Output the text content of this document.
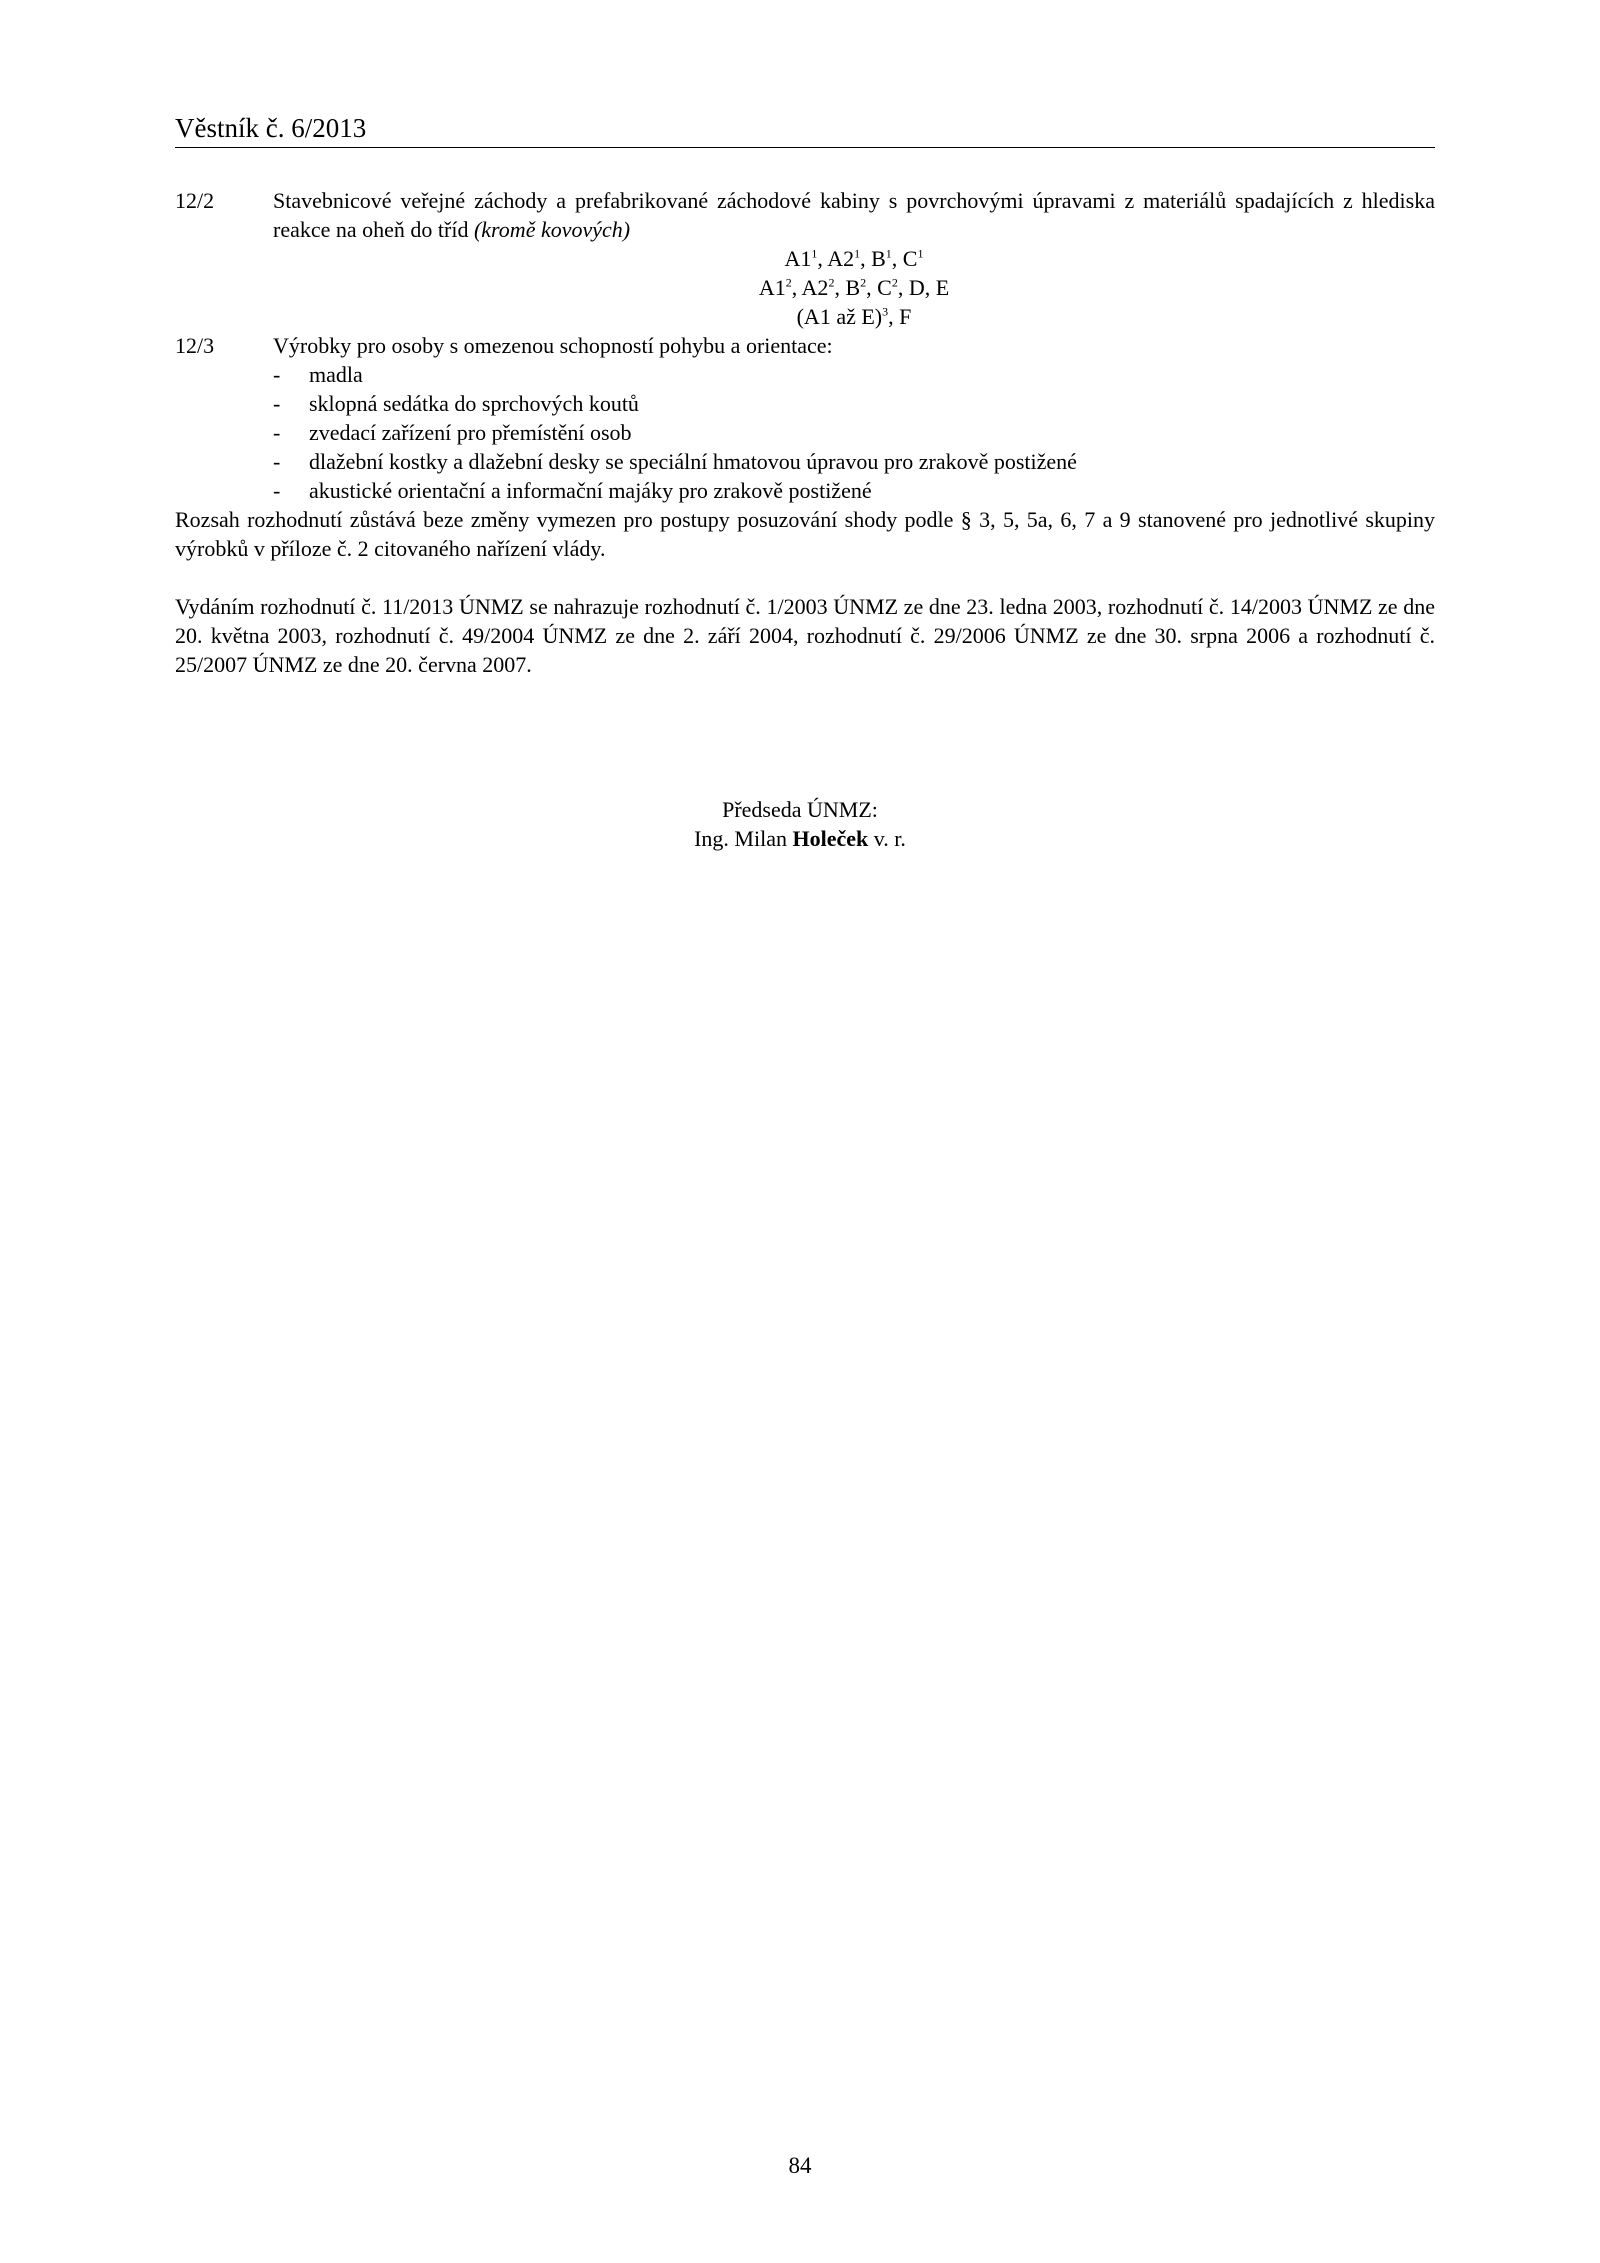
Věstník č. 6/2013
12/2	Stavebnicové veřejné záchody a prefabrikované záchodové kabiny s povrchovými úpravami z materiálů spadajících z hlediska reakce na oheň do tříd (kromě kovových)
$A1^1$, $A2^1$, $B^1$, $C^1$
$A1^2$, $A2^2$, $B^2$, $C^2$, D, E
(A1 až E)$^3$, F
12/3	Výrobky pro osoby s omezenou schopností pohybu a orientace:
- madla
- sklopná sedátka do sprchových koutů
- zvedací zařízení pro přemístění osob
- dlažební kostky a dlažební desky se speciální hmatovou úpravou pro zrakově postižené
- akustické orientační a informační majáky pro zrakově postižené
Rozsah rozhodnutí zůstává beze změny vymezen pro postupy posuzování shody podle § 3, 5, 5a, 6, 7 a 9 stanovené pro jednotlivé skupiny výrobků v příloze č. 2 citovaného nařízení vlády.
Vydáním rozhodnutí č. 11/2013 ÚNMZ se nahrazuje rozhodnutí č. 1/2003 ÚNMZ ze dne 23. ledna 2003, rozhodnutí č. 14/2003 ÚNMZ ze dne 20. května 2003, rozhodnutí č. 49/2004 ÚNMZ ze dne 2. září 2004, rozhodnutí č. 29/2006 ÚNMZ ze dne 30. srpna 2006 a rozhodnutí č. 25/2007 ÚNMZ ze dne 20. června 2007.
Předseda ÚNMZ:
Ing. Milan Holeček v. r.
84
